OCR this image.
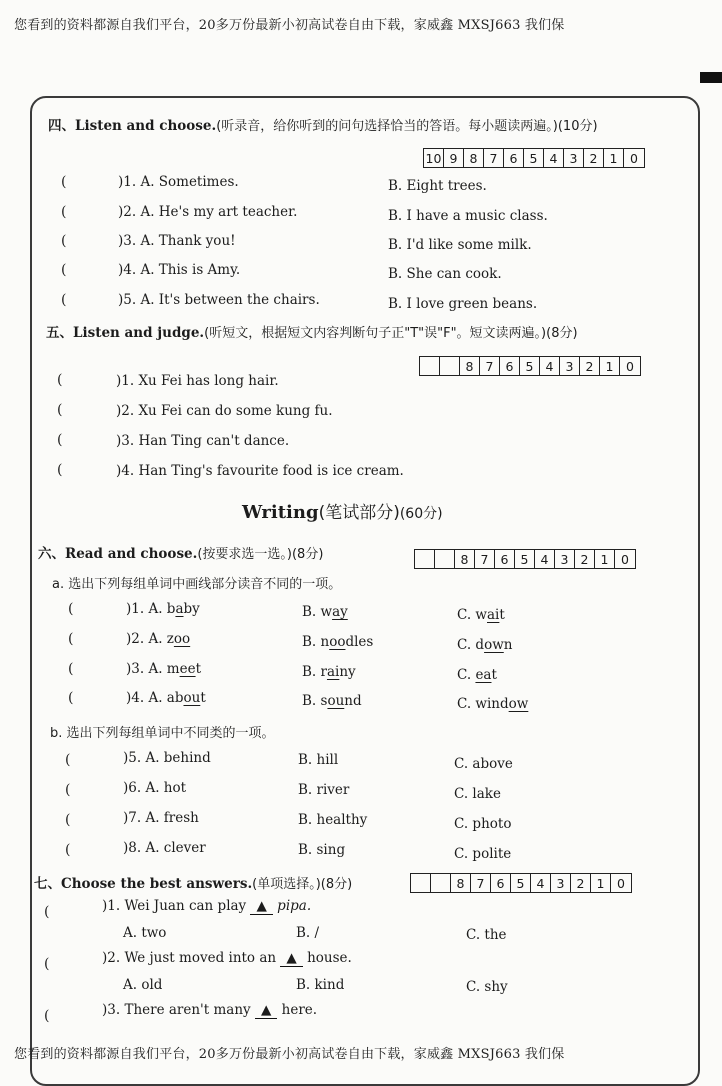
您看到的资料都源自我们平台，20多万份最新小初高试卷自由下载，家威鑫 MXSJ663 我们保
四、Listen and choose.(听录音，给你听到的问句选择恰当的答语。每小题读两遍。)(10分)
10 9 8 7 6 5 4 3 2 1	0
(	)1. A. Sometimes.	B. Eight trees.
(	)2. A. He's my art teacher.	B. I have a music class.
(	)3. A. Thank you!	B. I'd like some milk.
(	)4. A. This is Amy.	B. She can cook.
(	)5. A. It's between the chairs.	B. I love green beans.
五、Listen and judge.(听短文，根据短文内容判断句子正"T"误"F"。短文读两遍。)(8分)
8 7 6 5 4 3 2 1	0
(	)1. Xu Fei has long hair.
(	)2. Xu Fei can do some kung fu.
(	)3. Han Ting can't dance.
(	)4. Han Ting's favourite food is ice cream.
Writing(笔试部分)(60分)
六、Read and choose.(按要求选一选。)(8分)	8 7 6 5 4 3 2 1	0
a. 选出下列每组单词中画线部分读音不同的一项。
(	)1. A. baby	B. way	C. wait
(	)2. A. zoo	B. noodles	C. down
(	)3. A. meet	B. rainy	C. eat
(	)4. A. about	B. sound	C. window
b. 选出下列每组单词中不同类的一项。
(	)5. A. behind	B. hill	C. above
(	)6. A. hot	B. river	C. lake
(	)7. A. fresh	B. healthy	C. photo
(	)8. A. clever	B. sing	C. polite
七、Choose the best answers.(单项选择。)(8分)	8 7 6 5 4 3 2 1	0
(	)1. Wei Juan can play ▲ pipa.
A. two	B. /	C. the
(	)2. We just moved into an ▲ house.
A. old	B. kind	C. shy
(	)3. There aren't many ▲ here.
您看到的资料都源自我们平台，20多万份最新小初高试卷自由下载，家威鑫 MXSJ663 我们保
